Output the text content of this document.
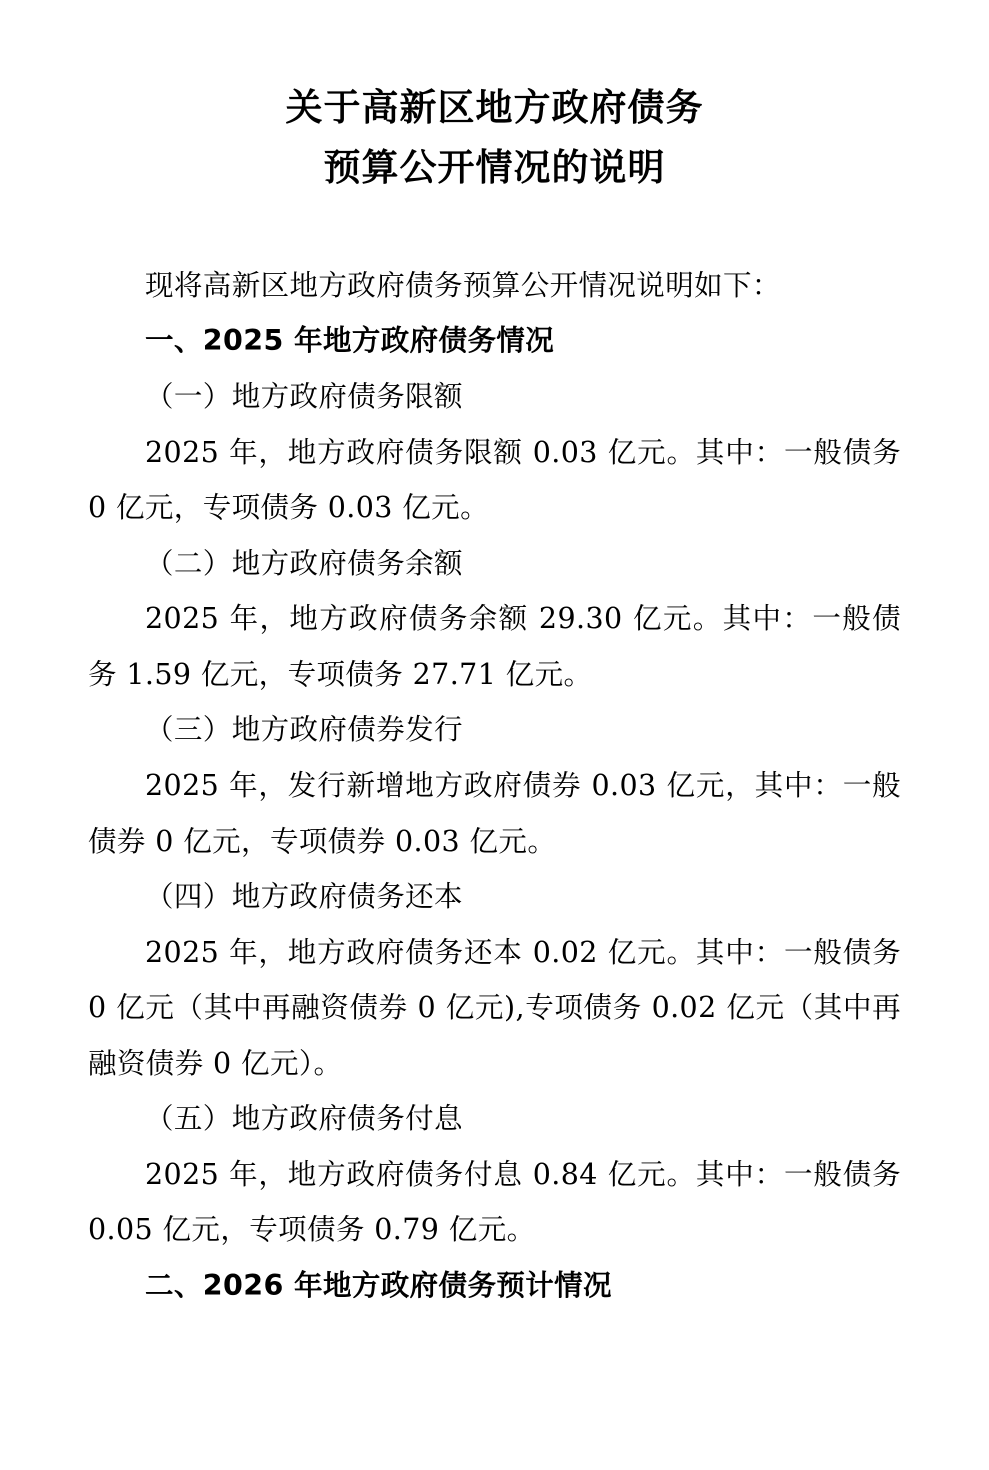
关于高新区地方政府债务
预算公开情况的说明

现将高新区地方政府债务预算公开情况说明如下：

一、2025 年地方政府债务情况

（一）地方政府债务限额

2025 年，地方政府债务限额 0.03 亿元。其中：一般债务 0 亿元，专项债务 0.03 亿元。

（二）地方政府债务余额

2025 年，地方政府债务余额 29.30 亿元。其中：一般债务 1.59 亿元，专项债务 27.71 亿元。

（三）地方政府债券发行

2025 年，发行新增地方政府债券 0.03 亿元，其中：一般债券 0 亿元，专项债券 0.03 亿元。

（四）地方政府债务还本

2025 年，地方政府债务还本 0.02 亿元。其中：一般债务 0 亿元（其中再融资债券 0 亿元),专项债务 0.02 亿元（其中再融资债券 0 亿元）。

（五）地方政府债务付息

2025 年，地方政府债务付息 0.84 亿元。其中：一般债务 0.05 亿元，专项债务 0.79 亿元。

二、2026 年地方政府债务预计情况
